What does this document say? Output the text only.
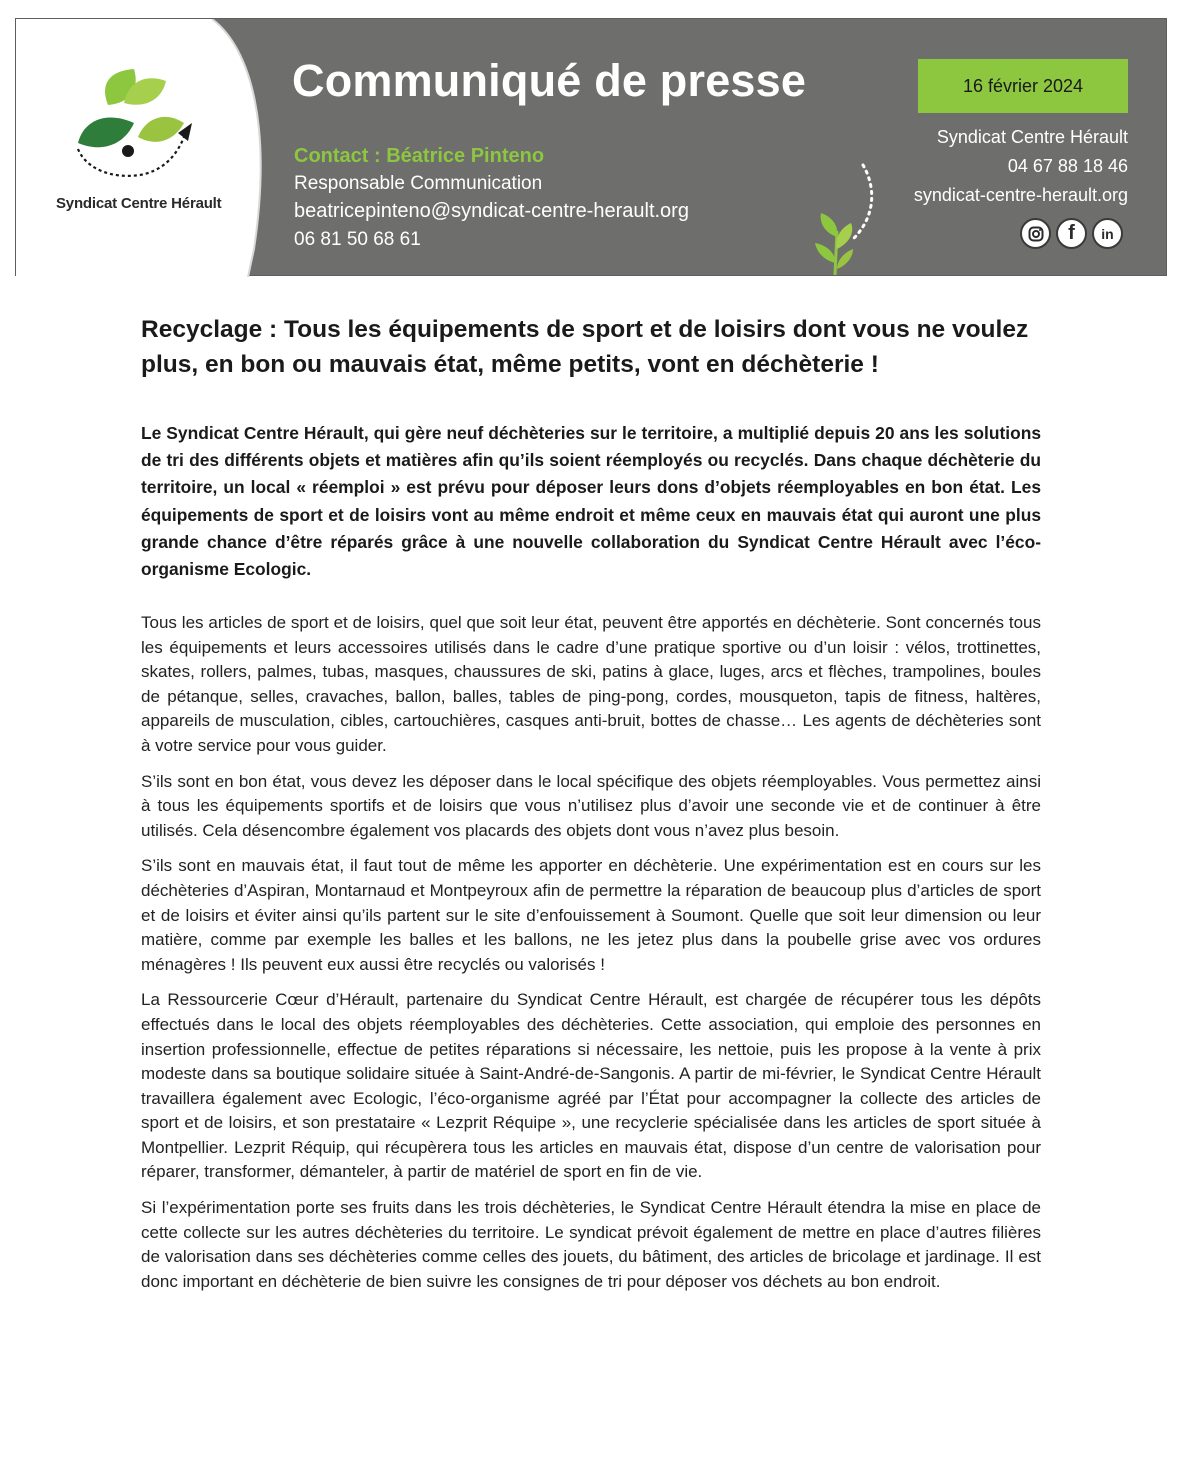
Syndicat Centre Hérault
Communiqué de presse
Contact : Béatrice Pinteno
Responsable Communication
beatricepinteno@syndicat-centre-herault.org
06 81 50 68 61
16 février 2024
Syndicat Centre Hérault
04 67 88 18 46
syndicat-centre-herault.org
f	in
Recyclage : Tous les équipements de sport et de loisirs dont vous ne voulez plus, en bon ou mauvais état, même petits, vont en déchèterie !

Le Syndicat Centre Hérault, qui gère neuf déchèteries sur le territoire, a multiplié depuis 20 ans les solutions de tri des différents objets et matières afin qu’ils soient réemployés ou recyclés. Dans chaque déchèterie du territoire, un local « réemploi » est prévu pour déposer leurs dons d’objets réemployables en bon état. Les équipements de sport et de loisirs vont au même endroit et même ceux en mauvais état qui auront une plus grande chance d’être réparés grâce à une nouvelle collaboration du Syndicat Centre Hérault avec l’éco-organisme Ecologic.

Tous les articles de sport et de loisirs, quel que soit leur état, peuvent être apportés en déchèterie. Sont concernés tous les équipements et leurs accessoires utilisés dans le cadre d’une pratique sportive ou d’un loisir : vélos, trottinettes, skates, rollers, palmes, tubas, masques, chaussures de ski, patins à glace, luges, arcs et flèches, trampolines, boules de pétanque, selles, cravaches, ballon, balles, tables de ping-pong, cordes, mousqueton, tapis de fitness, haltères, appareils de musculation, cibles, cartouchières, casques anti-bruit, bottes de chasse… Les agents de déchèteries sont à votre service pour vous guider.

S’ils sont en bon état, vous devez les déposer dans le local spécifique des objets réemployables. Vous permettez ainsi à tous les équipements sportifs et de loisirs que vous n’utilisez plus d’avoir une seconde vie et de continuer à être utilisés. Cela désencombre également vos placards des objets dont vous n’avez plus besoin.

S’ils sont en mauvais état, il faut tout de même les apporter en déchèterie. Une expérimentation est en cours sur les déchèteries d’Aspiran, Montarnaud et Montpeyroux afin de permettre la réparation de beaucoup plus d’articles de sport et de loisirs et éviter ainsi qu’ils partent sur le site d’enfouissement à Soumont. Quelle que soit leur dimension ou leur matière, comme par exemple les balles et les ballons, ne les jetez plus dans la poubelle grise avec vos ordures ménagères ! Ils peuvent eux aussi être recyclés ou valorisés !

La Ressourcerie Cœur d’Hérault, partenaire du Syndicat Centre Hérault, est chargée de récupérer tous les dépôts effectués dans le local des objets réemployables des déchèteries. Cette association, qui emploie des personnes en insertion professionnelle, effectue de petites réparations si nécessaire, les nettoie, puis les propose à la vente à prix modeste dans sa boutique solidaire située à Saint-André-de-Sangonis. A partir de mi-février, le Syndicat Centre Hérault travaillera également avec Ecologic, l’éco-organisme agréé par l’État pour accompagner la collecte des articles de sport et de loisirs, et son prestataire « Lezprit Réquipe », une recyclerie spécialisée dans les articles de sport située à Montpellier. Lezprit Réquip, qui récupèrera tous les articles en mauvais état, dispose d’un centre de valorisation pour réparer, transformer, démanteler, à partir de matériel de sport en fin de vie.

Si l’expérimentation porte ses fruits dans les trois déchèteries, le Syndicat Centre Hérault étendra la mise en place de cette collecte sur les autres déchèteries du territoire. Le syndicat prévoit également de mettre en place d’autres filières de valorisation dans ses déchèteries comme celles des jouets, du bâtiment, des articles de bricolage et jardinage. Il est donc important en déchèterie de bien suivre les consignes de tri pour déposer vos déchets au bon endroit.
